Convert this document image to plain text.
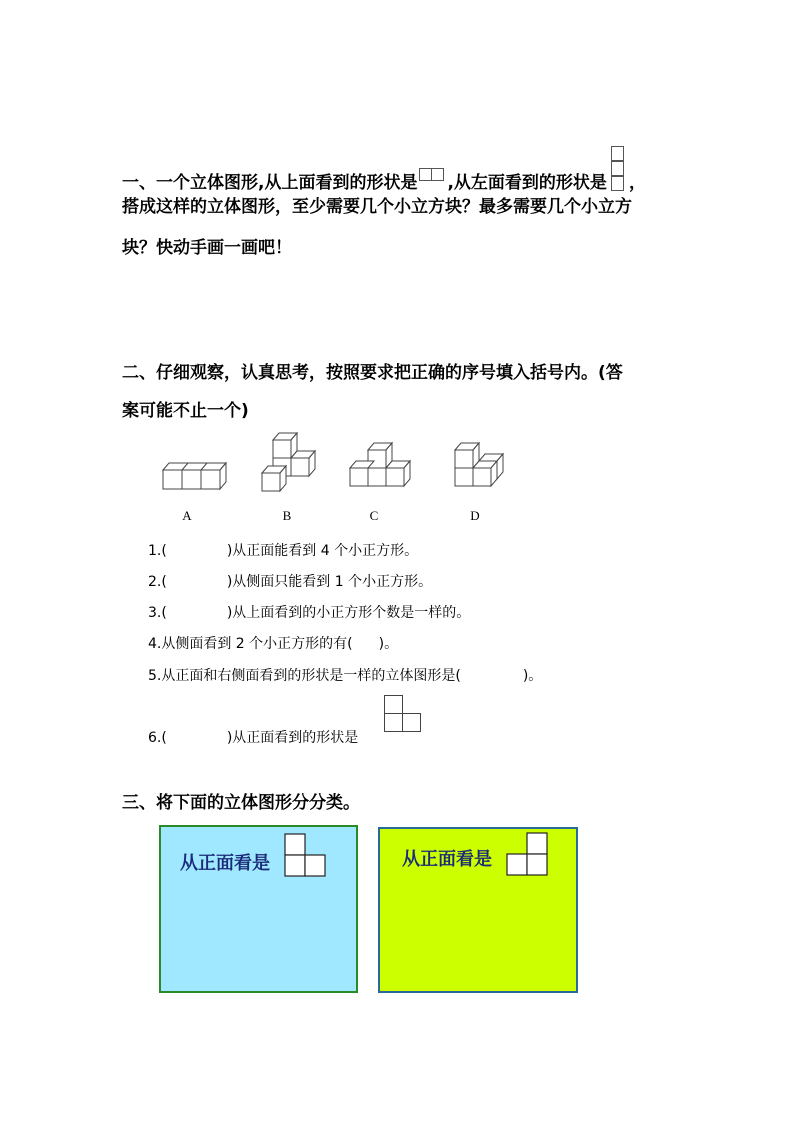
一、一个立体图形,从上面看到的形状是 ,从左面看到的形状是 ，
搭成这样的立体图形，至少需要几个小立方块？最多需要几个小立方
块？快动手画一画吧！
二、仔细观察，认真思考，按照要求把正确的序号填入括号内。(答
案可能不止一个)
A	B	C	D
1.(	)从正面能看到 4 个小正方形。
2.(	)从侧面只能看到 1 个小正方形。
3.(	)从上面看到的小正方形个数是一样的。
4.从侧面看到 2 个小正方形的有( )。
5.从正面和右侧面看到的形状是一样的立体图形是(	)。
6.(	)从正面看到的形状是
三、将下面的立体图形分分类。
从正面看是	从正面看是
